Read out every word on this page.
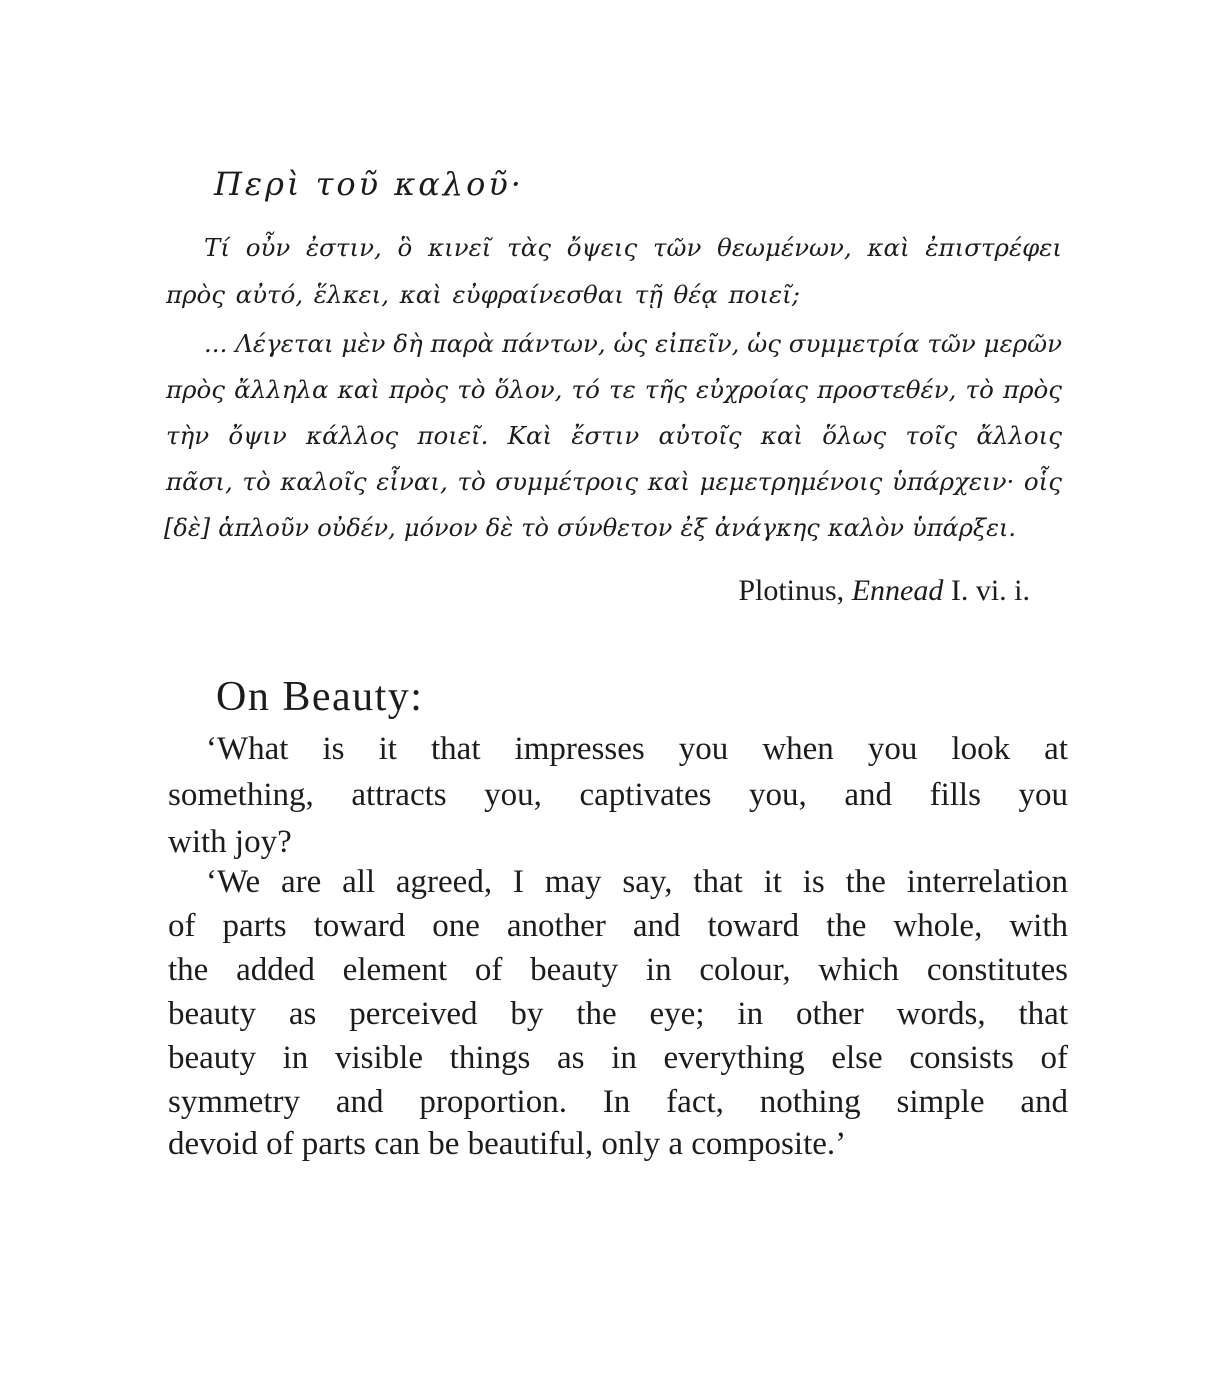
Περὶ τοῦ καλοῦ·
Τί οὖν ἐστιν, ὃ κινεῖ τὰς ὄψεις τῶν θεωμένων, καὶ ἐπιστρέφει
πρὸς αὐτό, ἕλκει, καὶ εὐφραίνεσθαι τῇ θέᾳ ποιεῖ;
... Λέγεται μὲν δὴ παρὰ πάντων, ὡς εἰπεῖν, ὡς συμμετρία τῶν μερῶν
πρὸς ἄλληλα καὶ πρὸς τὸ ὅλον, τό τε τῆς εὐχροίας προστεθέν, τὸ πρὸς
τὴν ὄψιν κάλλος ποιεῖ. Καὶ ἔστιν αὐτοῖς καὶ ὅλως τοῖς ἄλλοις
πᾶσι, τὸ καλοῖς εἶναι, τὸ συμμέτροις καὶ μεμετρημένοις ὑπάρχειν· οἷς
[δὲ] ἁπλοῦν οὐδέν, μόνον δὲ τὸ σύνθετον ἐξ ἀνάγκης καλὸν ὑπάρξει.
Plotinus, Ennead I. vi. i.
On Beauty:
‘What is it that impresses you when you look at
something, attracts you, captivates you, and fills you
with joy?
‘We are all agreed, I may say, that it is the interrelation
of parts toward one another and toward the whole, with
the added element of beauty in colour, which constitutes
beauty as perceived by the eye; in other words, that
beauty in visible things as in everything else consists of
symmetry and proportion. In fact, nothing simple and
devoid of parts can be beautiful, only a composite.’
